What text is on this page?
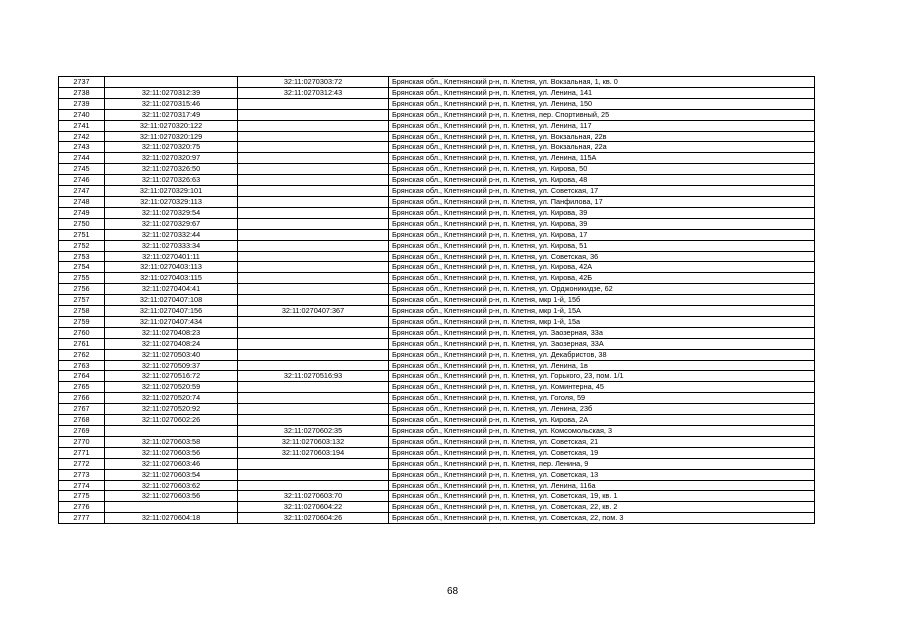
2737		32:11:0270303:72	Брянская обл., Клетнянский р-н, п. Клетня, ул. Вокзальная, 1, кв. 0
2738	32:11:0270312:39	32:11:0270312:43	Брянская обл., Клетнянский р-н, п. Клетня, ул. Ленина, 141
2739	32:11:0270315:46		Брянская обл., Клетнянский р-н, п. Клетня, ул. Ленина, 150
2740	32:11:0270317:49		Брянская обл., Клетнянский р-н, п. Клетня, пер. Спортивный, 25
2741	32:11:0270320:122		Брянская обл., Клетнянский р-н, п. Клетня, ул. Ленина, 117
2742	32:11:0270320:129		Брянская обл., Клетнянский р-н, п. Клетня, ул. Вокзальная, 22в
2743	32:11:0270320:75		Брянская обл., Клетнянский р-н, п. Клетня, ул. Вокзальная, 22а
2744	32:11:0270320:97		Брянская обл., Клетнянский р-н, п. Клетня, ул. Ленина, 115А
2745	32:11:0270326:50		Брянская обл., Клетнянский р-н, п. Клетня, ул. Кирова, 50
2746	32:11:0270326:63		Брянская обл., Клетнянский р-н, п. Клетня, ул. Кирова, 48
2747	32:11:0270329:101		Брянская обл., Клетнянский р-н, п. Клетня, ул. Советская, 17
2748	32:11:0270329:113		Брянская обл., Клетнянский р-н, п. Клетня, ул. Панфилова, 17
2749	32:11:0270329:54		Брянская обл., Клетнянский р-н, п. Клетня, ул. Кирова, 39
2750	32:11:0270329:67		Брянская обл., Клетнянский р-н, п. Клетня, ул. Кирова, 39
2751	32:11:0270332:44		Брянская обл., Клетнянский р-н, п. Клетня, ул. Кирова, 17
2752	32:11:0270333:34		Брянская обл., Клетнянский р-н, п. Клетня, ул. Кирова, 51
2753	32:11:0270401:11		Брянская обл., Клетнянский р-н, п. Клетня, ул. Советская, 36
2754	32:11:0270403:113		Брянская обл., Клетнянский р-н, п. Клетня, ул. Кирова, 42А
2755	32:11:0270403:115		Брянская обл., Клетнянский р-н, п. Клетня, ул. Кирова, 42Б
2756	32:11:0270404:41		Брянская обл., Клетнянский р-н, п. Клетня, ул. Орджоникидзе, 62
2757	32:11:0270407:108		Брянская обл., Клетнянский р-н, п. Клетня, мкр 1-й, 15б
2758	32:11:0270407:156	32:11:0270407:367	Брянская обл., Клетнянский р-н, п. Клетня, мкр 1-й, 15А
2759	32:11:0270407:434		Брянская обл., Клетнянский р-н, п. Клетня, мкр 1-й, 15а
2760	32:11:0270408:23		Брянская обл., Клетнянский р-н, п. Клетня, ул. Заозерная, 33а
2761	32:11:0270408:24		Брянская обл., Клетнянский р-н, п. Клетня, ул. Заозерная, 33А
2762	32:11:0270503:40		Брянская обл., Клетнянский р-н, п. Клетня, ул. Декабристов, 38
2763	32:11:0270509:37		Брянская обл., Клетнянский р-н, п. Клетня, ул. Ленина, 1в
2764	32:11:0270516:72	32:11:0270516:93	Брянская обл., Клетнянский р-н, п. Клетня, ул. Горького, 23, пом. 1/1
2765	32:11:0270520:59		Брянская обл., Клетнянский р-н, п. Клетня, ул. Коминтерна, 45
2766	32:11:0270520:74		Брянская обл., Клетнянский р-н, п. Клетня, ул. Гоголя, 59
2767	32:11:0270520:92		Брянская обл., Клетнянский р-н, п. Клетня, ул. Ленина, 23б
2768	32:11:0270602:26		Брянская обл., Клетнянский р-н, п. Клетня, ул. Кирова, 2А
2769		32:11:0270602:35	Брянская обл., Клетнянский р-н, п. Клетня, ул. Комсомольская, 3
2770	32:11:0270603:58	32:11:0270603:132	Брянская обл., Клетнянский р-н, п. Клетня, ул. Советская, 21
2771	32:11:0270603:56	32:11:0270603:194	Брянская обл., Клетнянский р-н, п. Клетня, ул. Советская, 19
2772	32:11:0270603:46		Брянская обл., Клетнянский р-н, п. Клетня, пер. Ленина, 9
2773	32:11:0270603:54		Брянская обл., Клетнянский р-н, п. Клетня, ул. Советская, 13
2774	32:11:0270603:62		Брянская обл., Клетнянский р-н, п. Клетня, ул. Ленина, 116а
2775	32:11:0270603:56	32:11:0270603:70	Брянская обл., Клетнянский р-н, п. Клетня, ул. Советская, 19, кв. 1
2776		32:11:0270604:22	Брянская обл., Клетнянский р-н, п. Клетня, ул. Советская, 22, кв. 2
2777	32:11:0270604:18	32:11:0270604:26	Брянская обл., Клетнянский р-н, п. Клетня, ул. Советская, 22, пом. 3
68
